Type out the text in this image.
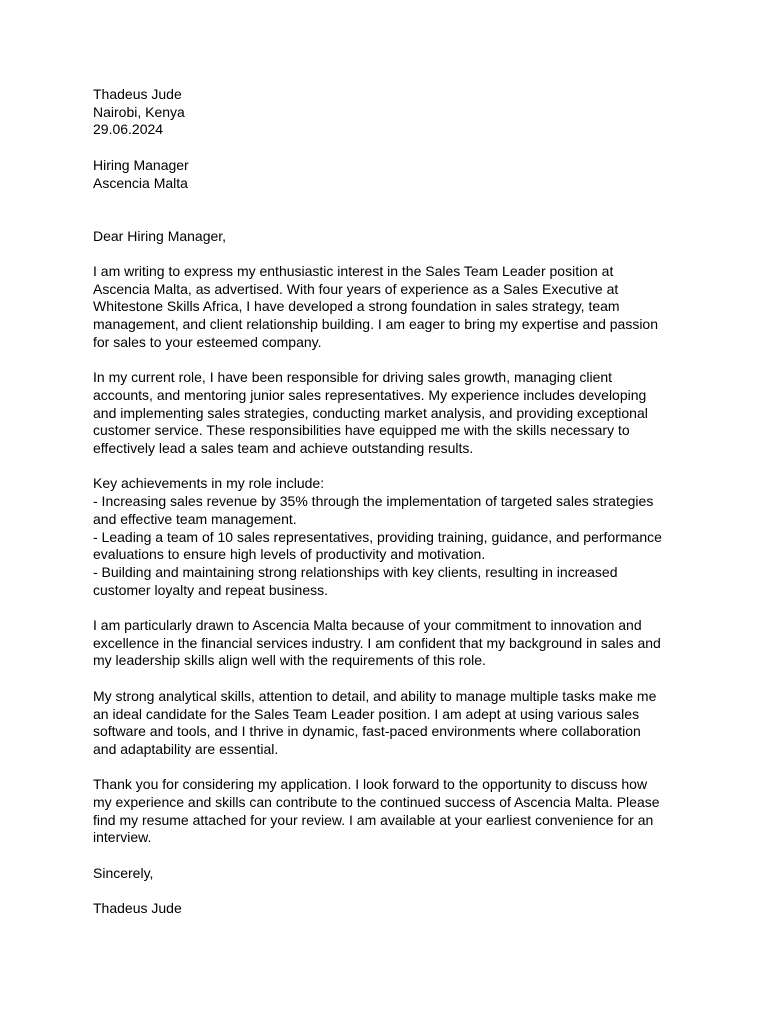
Thadeus Jude
Nairobi, Kenya
29.06.2024
Hiring Manager
Ascencia Malta
Dear Hiring Manager,
I am writing to express my enthusiastic interest in the Sales Team Leader position at
Ascencia Malta, as advertised. With four years of experience as a Sales Executive at
Whitestone Skills Africa, I have developed a strong foundation in sales strategy, team
management, and client relationship building. I am eager to bring my expertise and passion
for sales to your esteemed company.
In my current role, I have been responsible for driving sales growth, managing client
accounts, and mentoring junior sales representatives. My experience includes developing
and implementing sales strategies, conducting market analysis, and providing exceptional
customer service. These responsibilities have equipped me with the skills necessary to
effectively lead a sales team and achieve outstanding results.
Key achievements in my role include:
- Increasing sales revenue by 35% through the implementation of targeted sales strategies
and effective team management.
- Leading a team of 10 sales representatives, providing training, guidance, and performance
evaluations to ensure high levels of productivity and motivation.
- Building and maintaining strong relationships with key clients, resulting in increased
customer loyalty and repeat business.
I am particularly drawn to Ascencia Malta because of your commitment to innovation and
excellence in the financial services industry. I am confident that my background in sales and
my leadership skills align well with the requirements of this role.
My strong analytical skills, attention to detail, and ability to manage multiple tasks make me
an ideal candidate for the Sales Team Leader position. I am adept at using various sales
software and tools, and I thrive in dynamic, fast-paced environments where collaboration
and adaptability are essential.
Thank you for considering my application. I look forward to the opportunity to discuss how
my experience and skills can contribute to the continued success of Ascencia Malta. Please
find my resume attached for your review. I am available at your earliest convenience for an
interview.
Sincerely,
Thadeus Jude
